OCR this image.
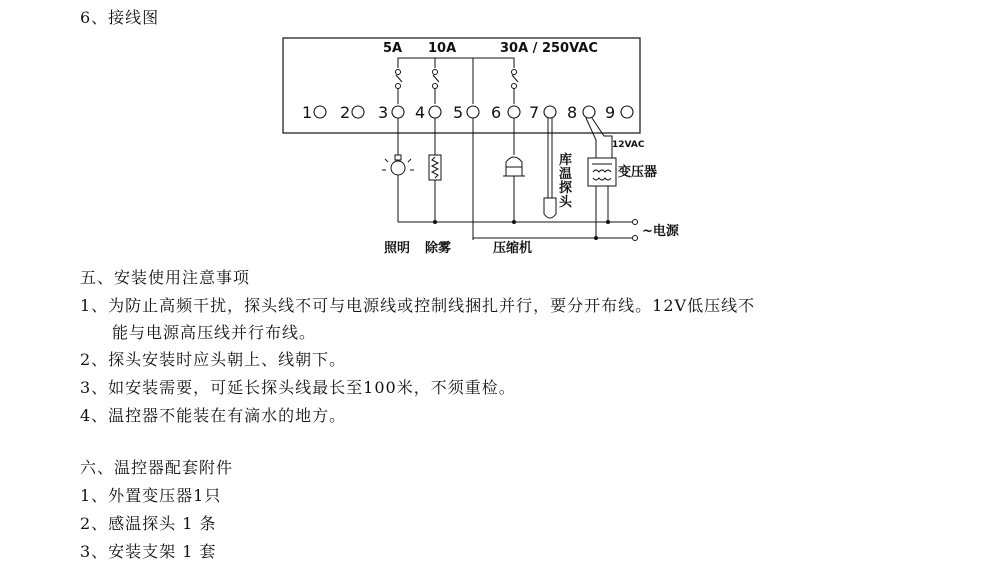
6、接线图
5A 10A	30A / 250VAC
1 2 3 4 5 6 7 8 9
库
温
探
头
12VAC
变压器
~电源
照明 除雾	压缩机
五、安装使用注意事项
1、为防止高频干扰，探头线不可与电源线或控制线捆扎并行，要分开布线。12V低压线不
能与电源高压线并行布线。
2、探头安装时应头朝上、线朝下。
3、如安装需要，可延长探头线最长至100米，不须重检。
4、温控器不能装在有滴水的地方。
六、温控器配套附件
1、外置变压器1只
2、感温探头 1 条
3、安装支架 1 套
